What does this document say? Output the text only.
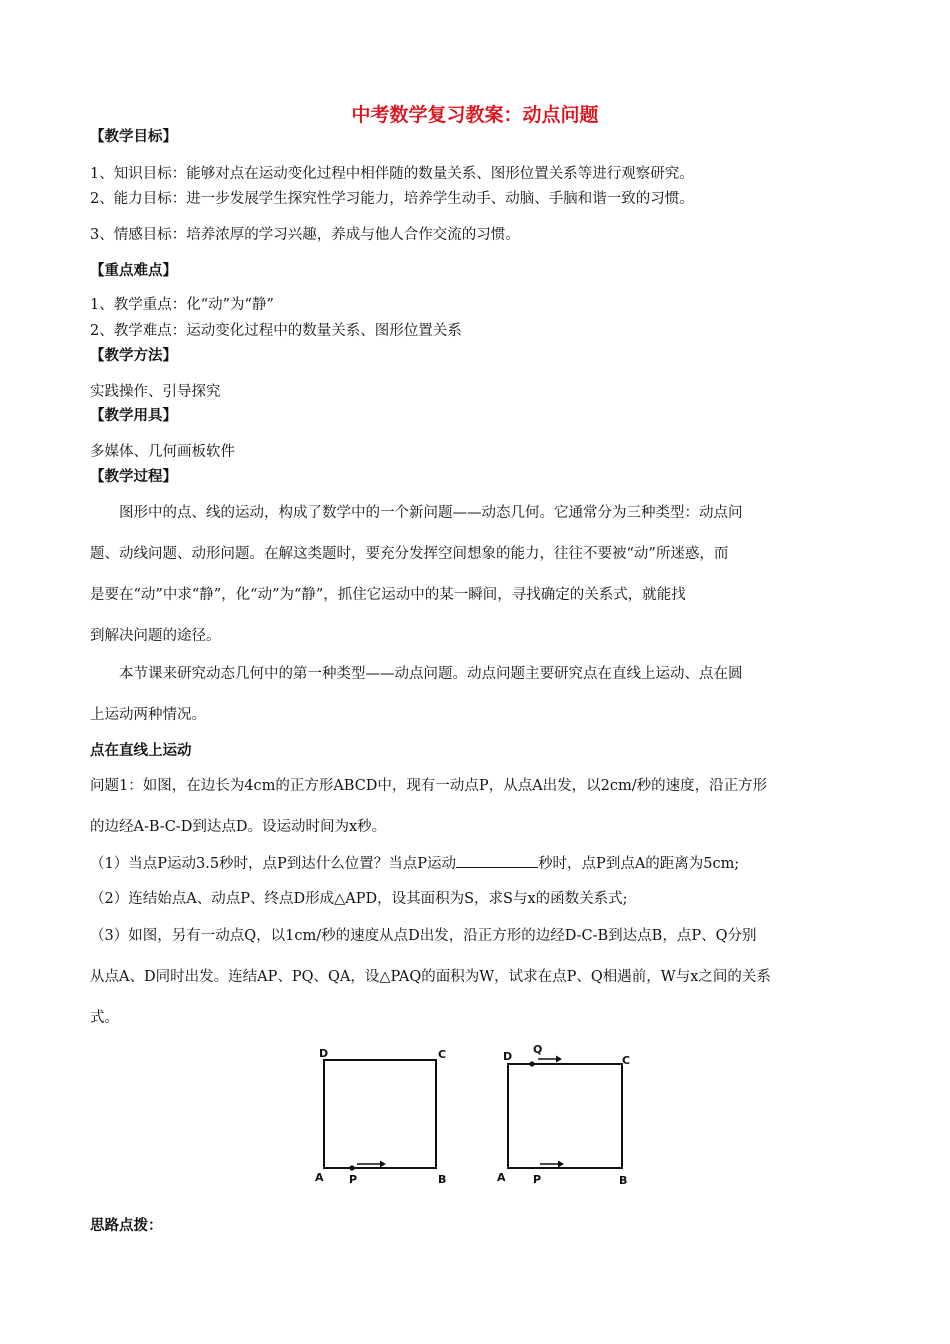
中考数学复习教案：动点问题
【教学目标】
1、知识目标：能够对点在运动变化过程中相伴随的数量关系、图形位置关系等进行观察研究。
2、能力目标：进一步发展学生探究性学习能力，培养学生动手、动脑、手脑和谐一致的习惯。
3、情感目标：培养浓厚的学习兴趣，养成与他人合作交流的习惯。
【重点难点】
1、教学重点：化“动”为“静”
2、教学难点：运动变化过程中的数量关系、图形位置关系
【教学方法】
实践操作、引导探究
【教学用具】
多媒体、几何画板软件
【教学过程】
图形中的点、线的运动，构成了数学中的一个新问题——动态几何。它通常分为三种类型：动点问
题、动线问题、动形问题。在解这类题时，要充分发挥空间想象的能力，往往不要被“动”所迷惑，而
是要在“动”中求“静”，化“动”为“静”，抓住它运动中的某一瞬间，寻找确定的关系式，就能找
到解决问题的途径。
本节课来研究动态几何中的第一种类型——动点问题。动点问题主要研究点在直线上运动、点在圆
上运动两种情况。
点在直线上运动
问题1：如图，在边长为4cm的正方形ABCD中，现有一动点P，从点A出发，以2cm/秒的速度，沿正方形
的边经A-B-C-D到达点D。设运动时间为x秒。
（1）当点P运动3.5秒时，点P到达什么位置？当点P运动	秒时，点P到点A的距离为5cm;
（2）连结始点A、动点P、终点D形成△APD，设其面积为S，求S与x的函数关系式;
（3）如图，另有一动点Q，以1cm/秒的速度从点D出发，沿正方形的边经D-C-B到达点B，点P、Q分别
从点A、D同时出发。连结AP、PQ、QA，设△PAQ的面积为W，试求在点P、Q相遇前，W与x之间的关系
式。
D	C
A	B
P
D	C
A	B
P
Q
思路点拨：
